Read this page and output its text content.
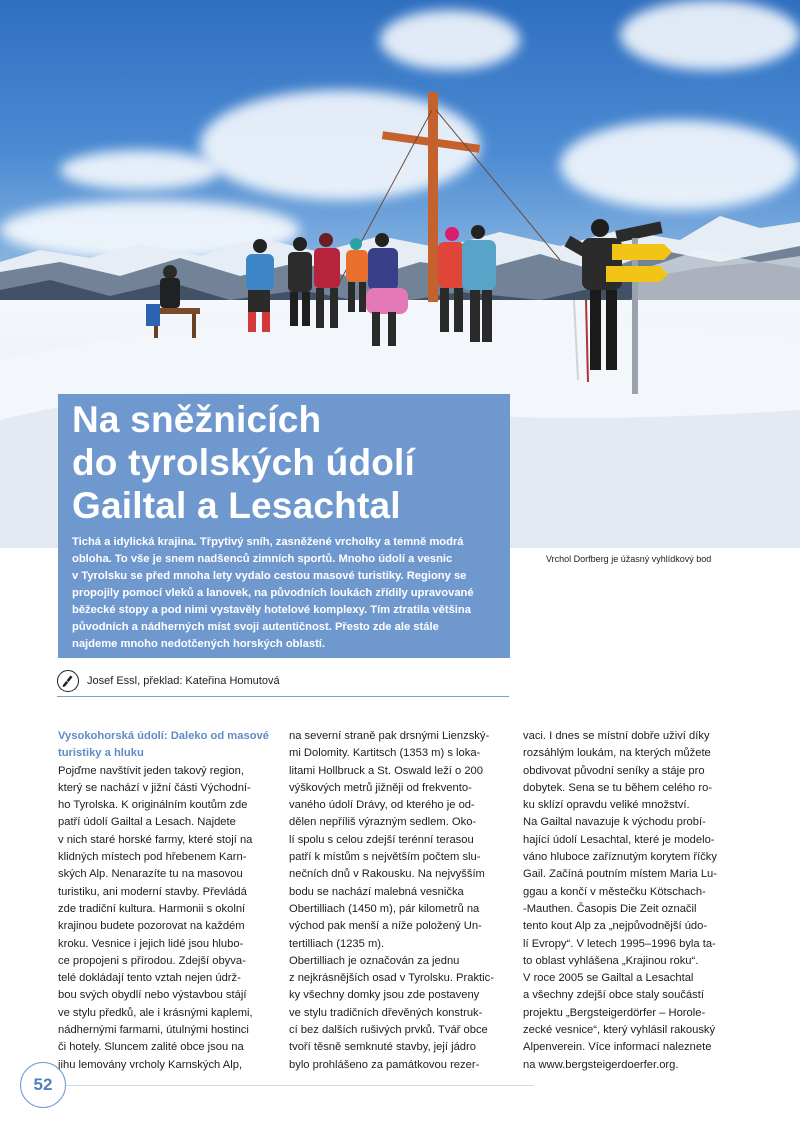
Na sněžnicích
do tyrolských údolí
Gailtal a Lesachtal

Tichá a idylická krajina. Třpytivý sníh, zasněžené vrcholky a temně modrá
obloha. To vše je snem nadšenců zimních sportů. Mnoho údolí a vesnic
v Tyrolsku se před mnoha lety vydalo cestou masové turistiky. Regiony se
propojily pomocí vleků a lanovek, na původních loukách zřídily upravované
běžecké stopy a pod nimi vystavěly hotelové komplexy. Tím ztratila většina
původních a nádherných míst svoji autentičnost. Přesto zde ale stále
najdeme mnoho nedotčených horských oblastí.

Vrchol Dorfberg je úžasný vyhlídkový bod
Josef Essl, překlad: Kateřina Homutová
Vysokohorská údolí: Daleko od masové
turistiky a hluku

Pojďme navštívit jeden takový region,
který se nachází v jižní části Východní-
ho Tyrolska. K originálním koutům zde
patří údolí Gailtal a Lesach. Najdete
v nich staré horské farmy, které stojí na
klidných místech pod hřebenem Karn-
ských Alp. Nenarazíte tu na masovou
turistiku, ani moderní stavby. Převládá
zde tradiční kultura. Harmonii s okolní
krajinou budete pozorovat na každém
kroku. Vesnice i jejich lidé jsou hlubo-
ce propojeni s přírodou. Zdejší obyva-
telé dokládají tento vztah nejen údrž-
bou svých obydlí nebo výstavbou stájí
ve stylu předků, ale i krásnými kaplemi,
nádhernými farmami, útulnými hostinci
či hotely. Sluncem zalité obce jsou na
jihu lemovány vrcholy Karnských Alp,

na severní straně pak drsnými Lienzský-
mi Dolomity. Kartitsch (1353 m) s loka-
litami Hollbruck a St. Oswald leží o 200
výškových metrů jižněji od frekvento-
vaného údolí Drávy, od kterého je od-
dělen nepříliš výrazným sedlem. Oko-
lí spolu s celou zdejší terénní terasou
patří k místům s největším počtem slu-
nečních dnů v Rakousku. Na nejvyšším
bodu se nachází malebná vesnička
Obertilliach (1450 m), pár kilometrů na
východ pak menší a níže položený Un-
tertilliach (1235 m).
Obertilliach je označován za jednu
z nejkrásnějších osad v Tyrolsku. Praktic-
ky všechny domky jsou zde postaveny
ve stylu tradičních dřevěných konstruk-
cí bez dalších rušivých prvků. Tvář obce
tvoří těsně semknuté stavby, její jádro
bylo prohlášeno za památkovou rezer-

vaci. I dnes se místní dobře uživí díky
rozsáhlým loukám, na kterých můžete
obdivovat původní seníky a stáje pro
dobytek. Sena se tu během celého ro-
ku sklízí opravdu veliké množství.
Na Gailtal navazuje k východu probí-
hající údolí Lesachtal, které je modelo-
váno hluboce zaříznutým korytem říčky
Gail. Začíná poutním místem Maria Lu-
ggau a končí v městečku Kötschach-
-Mauthen. Časopis Die Zeit označil
tento kout Alp za „nejpůvodnější údo-
lí Evropy“. V letech 1995–1996 byla ta-
to oblast vyhlášena „Krajinou roku“.
V roce 2005 se Gailtal a Lesachtal
a všechny zdejší obce staly součástí
projektu „Bergsteigerdörfer – Horole-
zecké vesnice“, který vyhlásil rakouský
Alpenverein. Více informací naleznete
na www.bergsteigerdoerfer.org.

52
